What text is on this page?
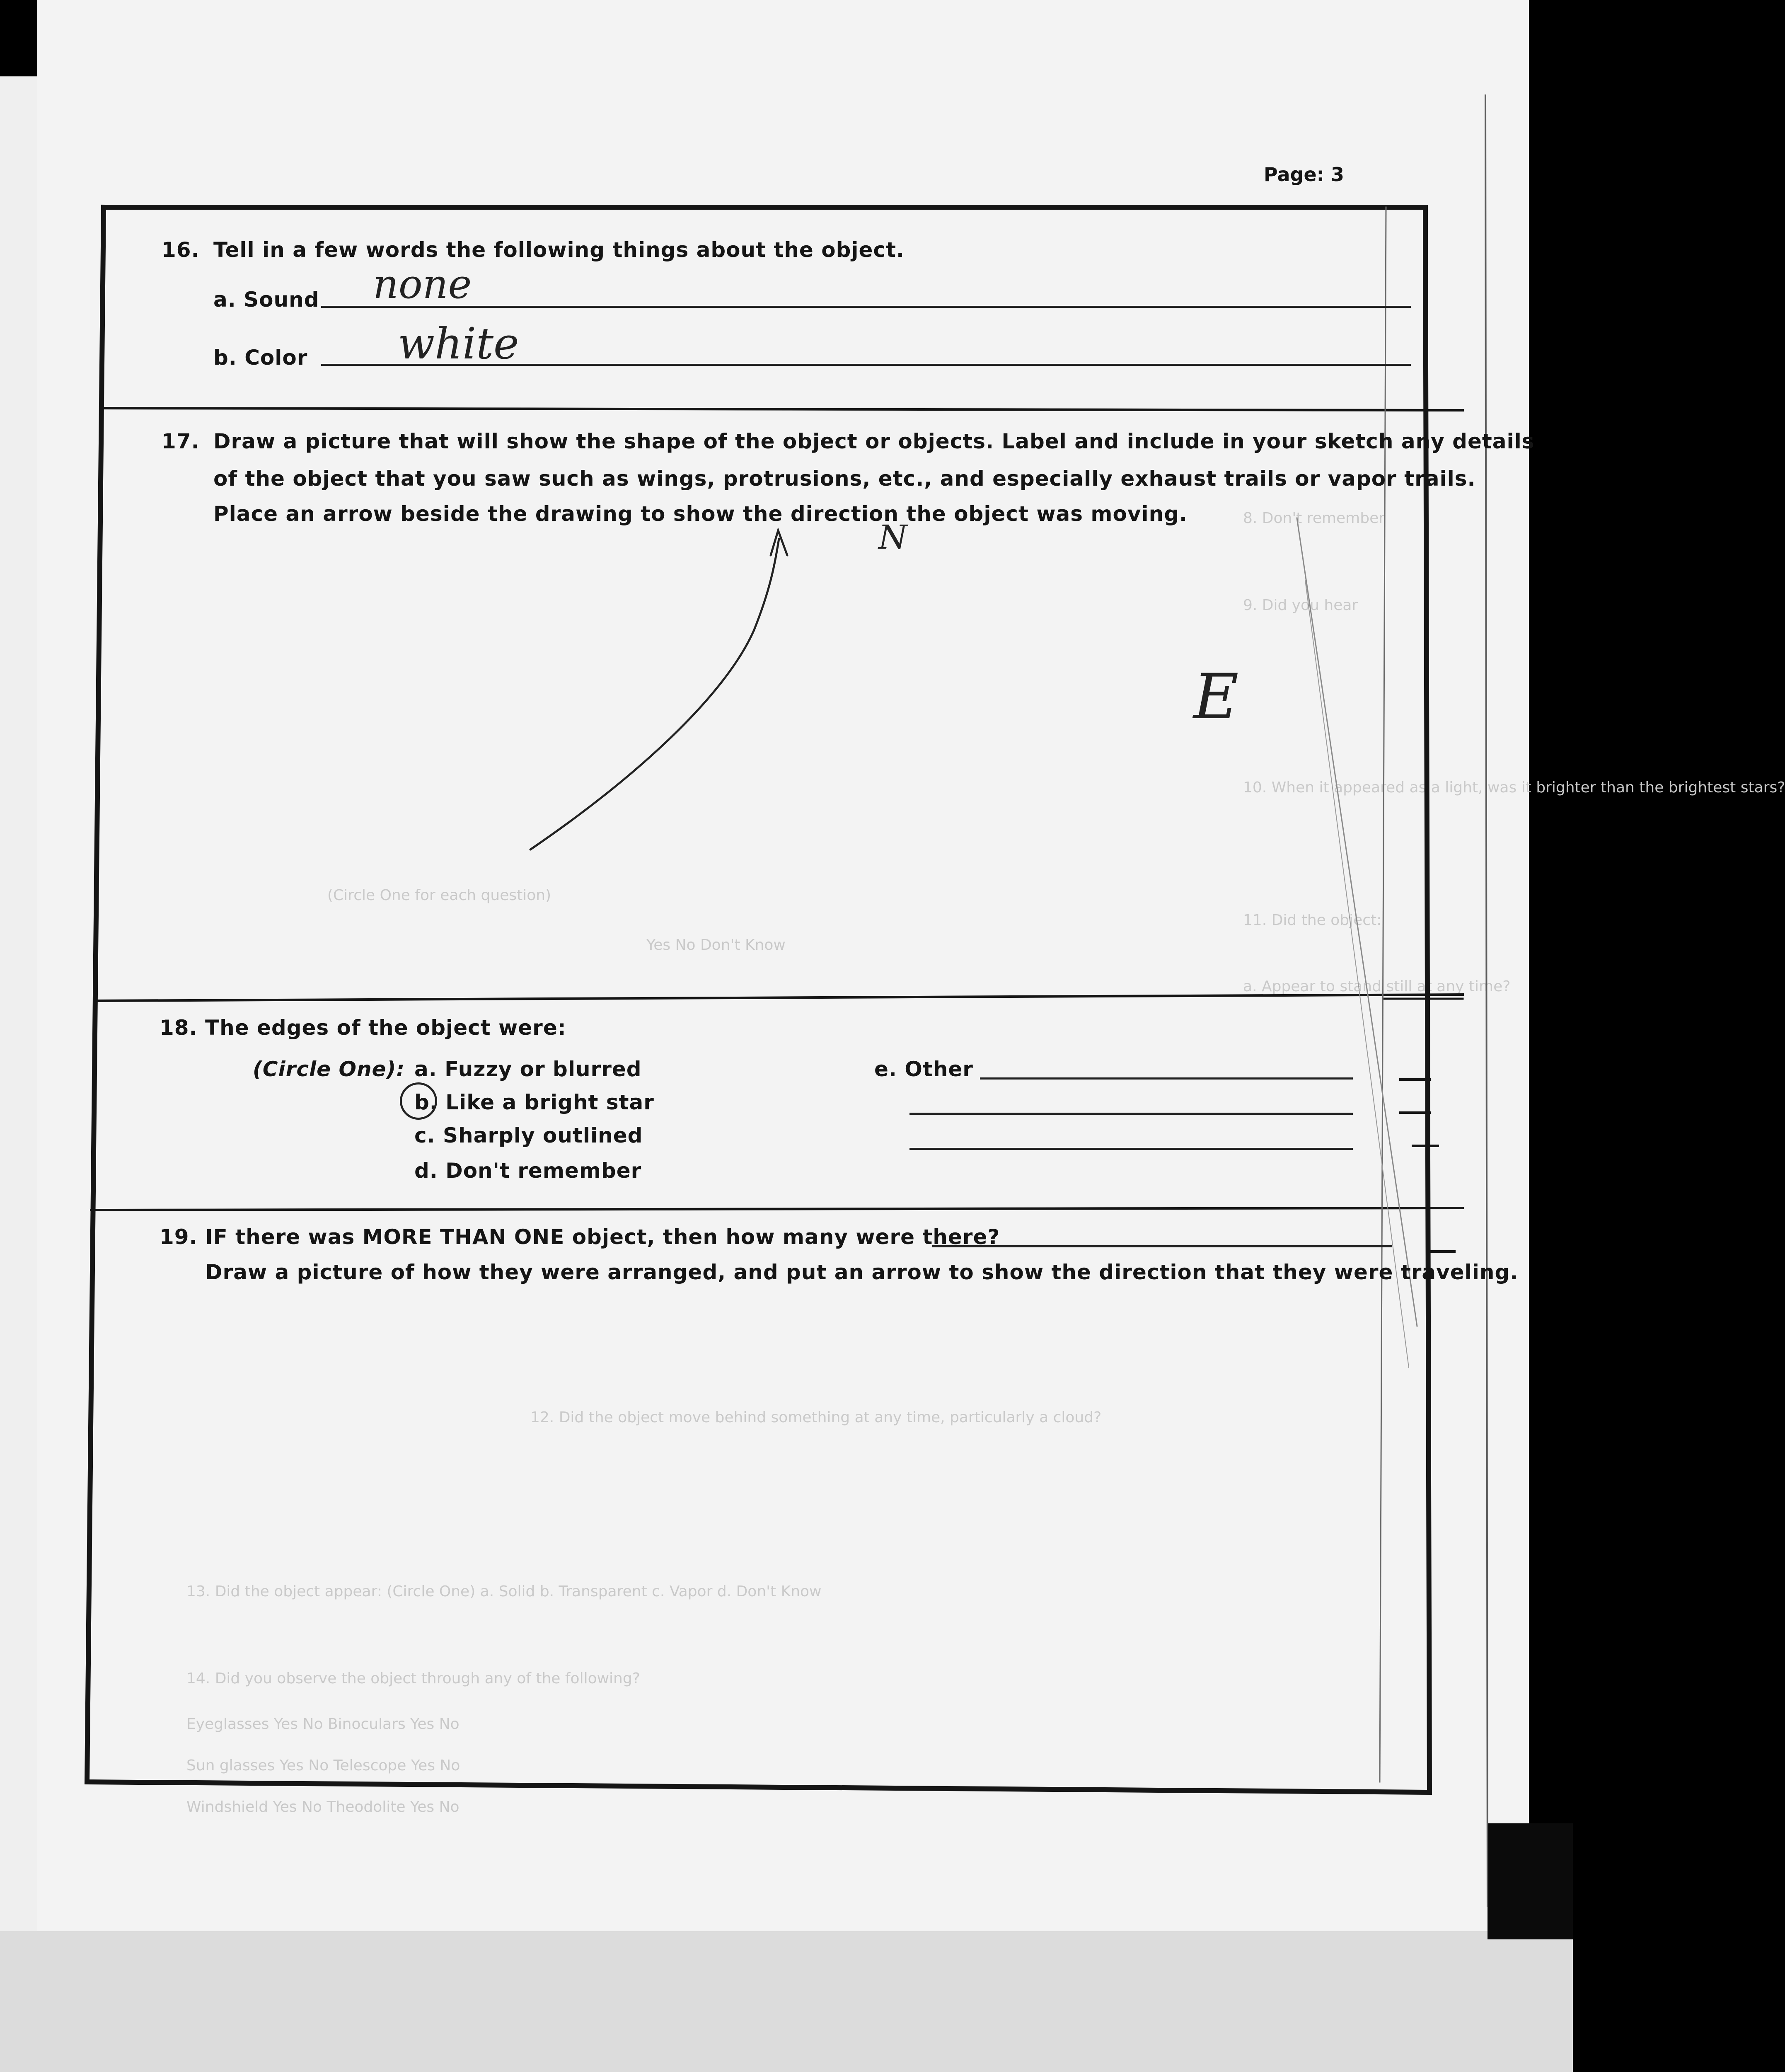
8. Don't remember
9. Did you hear
10. When it appeared as a light, was it brighter than the brightest stars?
(Circle One for each question)
11. Did the object:
a. Appear to stand still at any time?
Yes No Don't Know
12. Did the object move behind something at any time, particularly a cloud?
13. Did the object appear: (Circle One) a. Solid b. Transparent c. Vapor d. Don't Know
14. Did you observe the object through any of the following?
Eyeglasses Yes No Binoculars Yes No
Sun glasses Yes No Telescope Yes No
Windshield Yes No Theodolite Yes No
Page: 3
16. Tell in a few words the following things about the object.
a. Sound none
b. Color white
17. Draw a picture that will show the shape of the object or objects. Label and include in your sketch any details
of the object that you saw such as wings, protrusions, etc., and especially exhaust trails or vapor trails.
Place an arrow beside the drawing to show the direction the object was moving.
N
E
18. The edges of the object were:
(Circle One): a. Fuzzy or blurred
b. Like a bright star
c. Sharply outlined
d. Don't remember
e. Other
19. IF there was MORE THAN ONE object, then how many were there?
Draw a picture of how they were arranged, and put an arrow to show the direction that they were traveling.
